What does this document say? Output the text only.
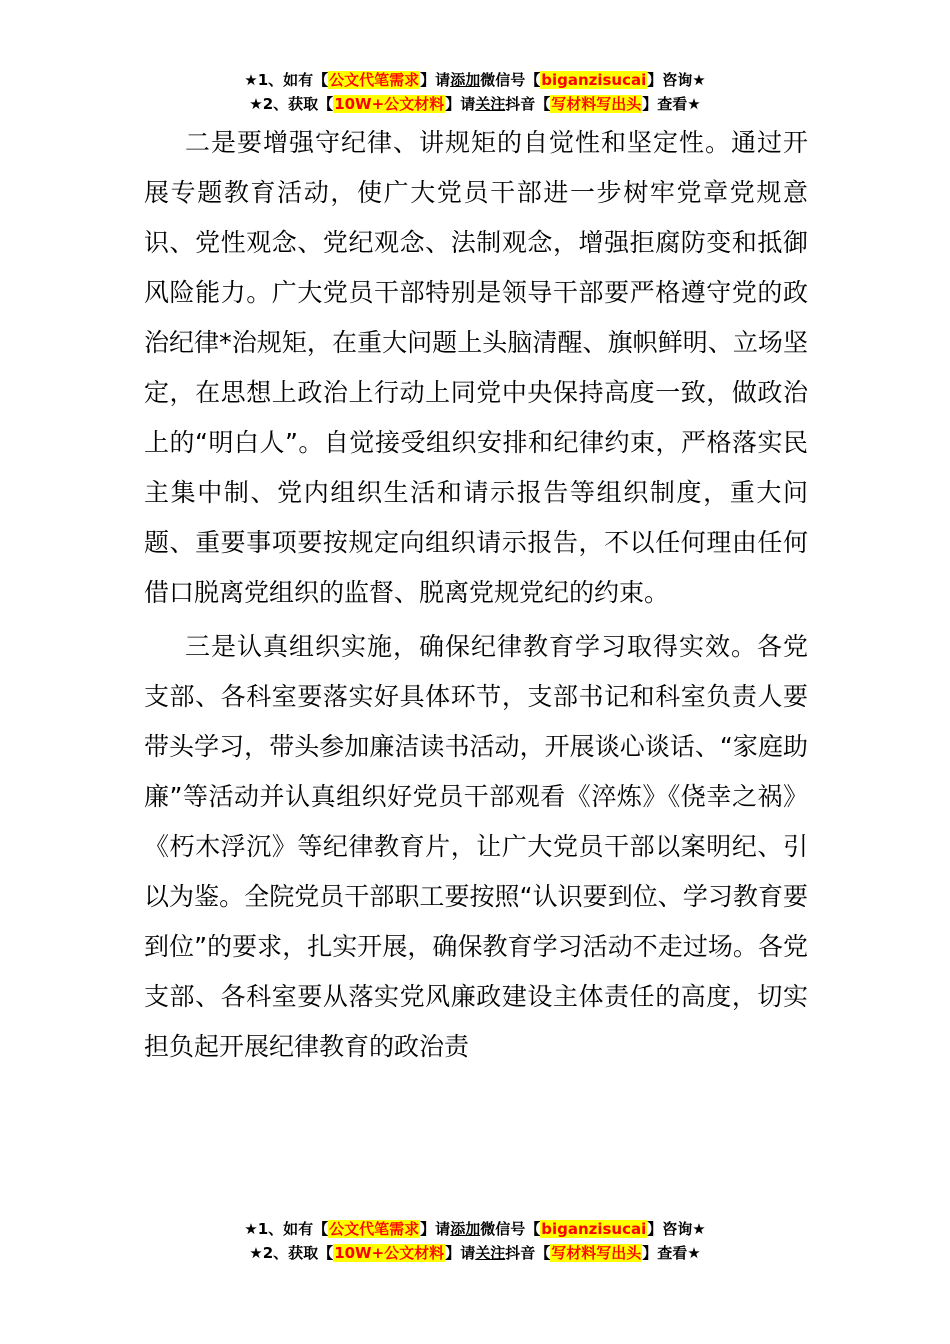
★1、如有【公文代笔需求】请添加微信号【biganzisucai】咨询★
★2、获取【10W+公文材料】请关注抖音【写材料写出头】查看★

二是要增强守纪律、讲规矩的自觉性和坚定性。通过开展专题教育活动，使广大党员干部进一步树牢党章党规意识、党性观念、党纪观念、法制观念，增强拒腐防变和抵御风险能力。广大党员干部特别是领导干部要严格遵守党的政治纪律*治规矩，在重大问题上头脑清醒、旗帜鲜明、立场坚定，在思想上政治上行动上同党中央保持高度一致，做政治上的“明白人”。自觉接受组织安排和纪律约束，严格落实民主集中制、党内组织生活和请示报告等组织制度，重大问题、重要事项要按规定向组织请示报告，不以任何理由任何借口脱离党组织的监督、脱离党规党纪的约束。

三是认真组织实施，确保纪律教育学习取得实效。各党支部、各科室要落实好具体环节，支部书记和科室负责人要带头学习，带头参加廉洁读书活动，开展谈心谈话、“家庭助廉”等活动并认真组织好党员干部观看《淬炼》《侥幸之祸》《朽木浮沉》等纪律教育片，让广大党员干部以案明纪、引以为鉴。全院党员干部职工要按照“认识要到位、学习教育要到位”的要求，扎实开展，确保教育学习活动不走过场。各党支部、各科室要从落实党风廉政建设主体责任的高度，切实担负起开展纪律教育的政治责

★1、如有【公文代笔需求】请添加微信号【biganzisucai】咨询★
★2、获取【10W+公文材料】请关注抖音【写材料写出头】查看★
